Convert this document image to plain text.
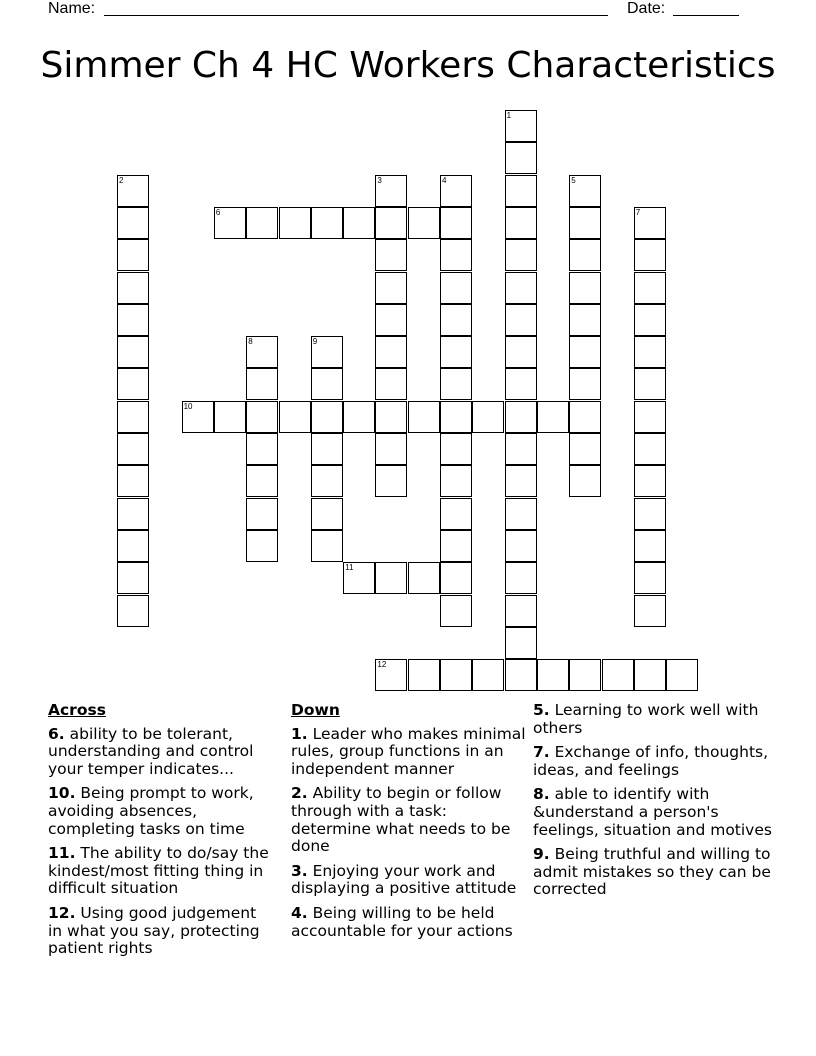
Name:	Date:
Simmer Ch 4 HC Workers Characteristics
1
2	3	4	5
6	7
8	9
10
11
12
Across
6. ability to be tolerant, understanding and control your temper indicates...
10. Being prompt to work, avoiding absences, completing tasks on time
11. The ability to do/say the kindest/most fitting thing in difficult situation
12. Using good judgement in what you say, protecting patient rights
Down
1. Leader who makes minimal rules, group functions in an independent manner
2. Ability to begin or follow through with a task: determine what needs to be done
3. Enjoying your work and displaying a positive attitude
4. Being willing to be held accountable for your actions
5. Learning to work well with others
7. Exchange of info, thoughts, ideas, and feelings
8. able to identify with &understand a person's feelings, situation and motives
9. Being truthful and willing to admit mistakes so they can be corrected
